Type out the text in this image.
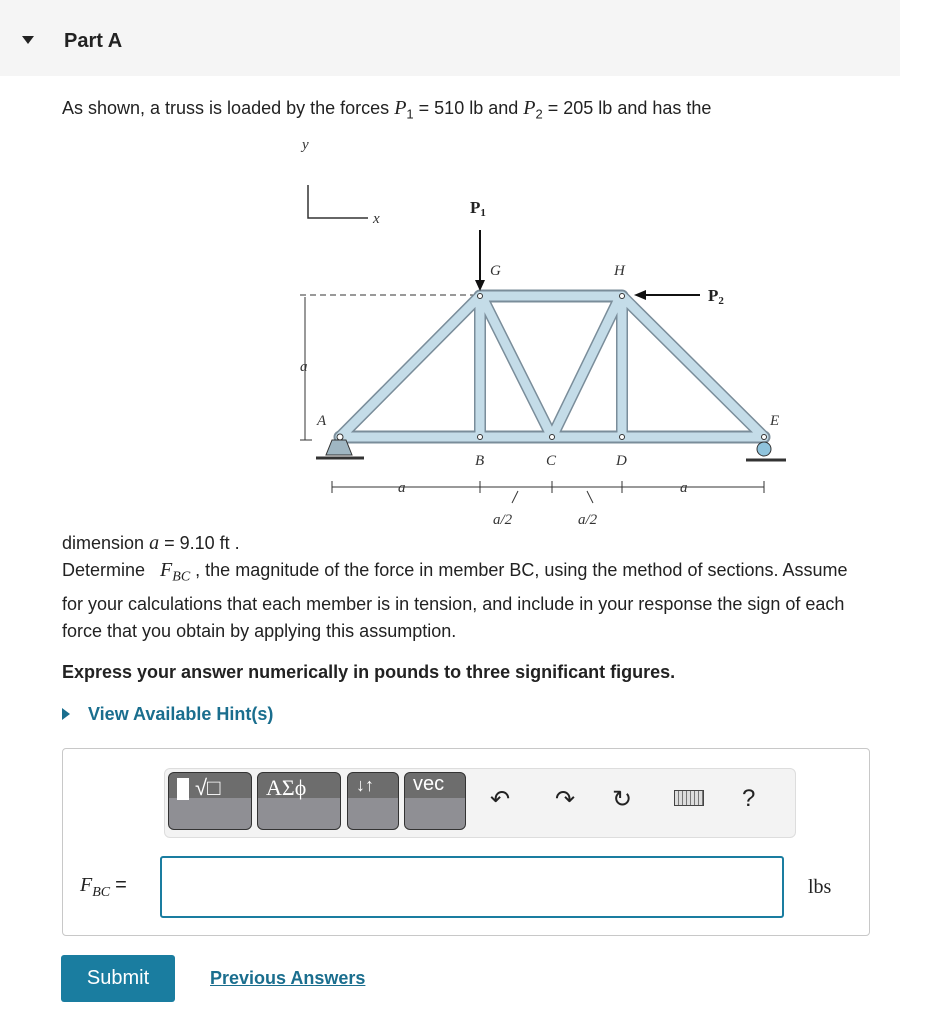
Part A
As shown, a truss is loaded by the forces $P_1 = 510$ lb and $P_2 = 205$ lb and has the
y
x
P1
P2
A
B	C	D
E
G	H
a
a	a
a/2	a/2
dimension a = 9.10 ft .
Determine $F_{BC}$ , the magnitude of the force in member BC, using the method of sections. Assume for your calculations that each member is in tension, and include in your response the sign of each force that you obtain by applying this assumption.
Express your answer numerically in pounds to three significant figures.
View Available Hint(s)
√□	ΑΣϕ	↓↑	vec
↶ ↷ ↻	?
$F_{BC}$ =	lbs
Submit	Previous Answers
